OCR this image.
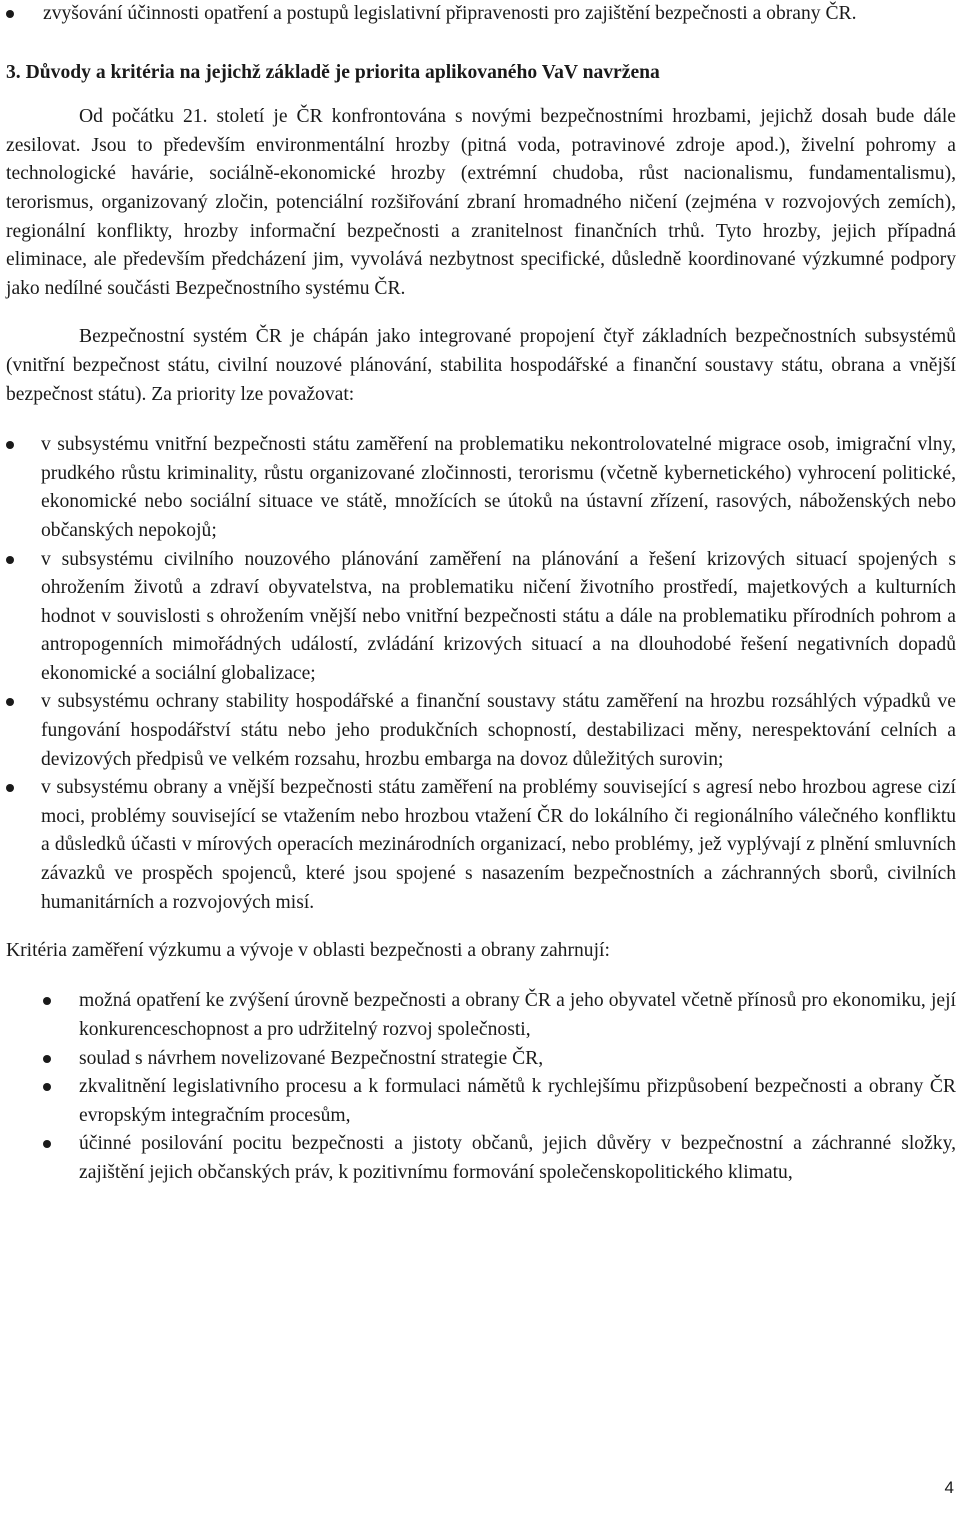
zvyšování účinnosti opatření a postupů legislativní připravenosti pro zajištění bezpečnosti a obrany ČR.
3. Důvody a kritéria na jejichž základě je priorita aplikovaného VaV navržena

Od počátku 21. století je ČR konfrontována s novými bezpečnostními hrozbami, jejichž dosah bude dále zesilovat. Jsou to především environmentální hrozby (pitná voda, potravinové zdroje apod.), živelní pohromy a technologické havárie, sociálně-ekonomické hrozby (extrémní chudoba, růst nacionalismu, fundamentalismu), terorismus, organizovaný zločin, potenciální rozšiřování zbraní hromadného ničení (zejména v rozvojových zemích), regionální konflikty, hrozby informační bezpečnosti a zranitelnost finančních trhů. Tyto hrozby, jejich případná eliminace, ale především předcházení jim, vyvolává nezbytnost specifické, důsledně koordinované výzkumné podpory jako nedílné součásti Bezpečnostního systému ČR.

Bezpečnostní systém ČR je chápán jako integrované propojení čtyř základních bezpečnostních subsystémů (vnitřní bezpečnost státu, civilní nouzové plánování, stabilita hospodářské a finanční soustavy státu, obrana a vnější bezpečnost státu). Za priority lze považovat:

v subsystému vnitřní bezpečnosti státu zaměření na problematiku nekontrolovatelné migrace osob, imigrační vlny, prudkého růstu kriminality, růstu organizované zločinnosti, terorismu (včetně kybernetického) vyhrocení politické, ekonomické nebo sociální situace ve státě, množících se útoků na ústavní zřízení, rasových, náboženských nebo občanských nepokojů;
v subsystému civilního nouzového plánování zaměření na plánování a řešení krizových situací spojených s ohrožením životů a zdraví obyvatelstva, na problematiku ničení životního prostředí, majetkových a kulturních hodnot v souvislosti s ohrožením vnější nebo vnitřní bezpečnosti státu a dále na problematiku přírodních pohrom a antropogenních mimořádných událostí, zvládání krizových situací a na dlouhodobé řešení negativních dopadů ekonomické a sociální globalizace;
v subsystému ochrany stability hospodářské a finanční soustavy státu zaměření na hrozbu rozsáhlých výpadků ve fungování hospodářství státu nebo jeho produkčních schopností, destabilizaci měny, nerespektování celních a devizových předpisů ve velkém rozsahu, hrozbu embarga na dovoz důležitých surovin;
v subsystému obrany a vnější bezpečnosti státu zaměření na problémy související s agresí nebo hrozbou agrese cizí moci, problémy související se vtažením nebo hrozbou vtažení ČR do lokálního či regionálního válečného konfliktu a důsledků účasti v mírových operacích mezinárodních organizací, nebo problémy, jež vyplývají z plnění smluvních závazků ve prospěch spojenců, které jsou spojené s nasazením bezpečnostních a záchranných sborů, civilních humanitárních a rozvojových misí.
Kritéria zaměření výzkumu a vývoje v oblasti bezpečnosti a obrany zahrnují:
možná opatření ke zvýšení úrovně bezpečnosti a obrany ČR a jeho obyvatel včetně přínosů pro ekonomiku, její konkurenceschopnost a pro udržitelný rozvoj společnosti,
soulad s návrhem novelizované Bezpečnostní strategie ČR,
zkvalitnění legislativního procesu a k formulaci námětů k rychlejšímu přizpůsobení bezpečnosti a obrany ČR evropským integračním procesům,
účinné posilování pocitu bezpečnosti a jistoty občanů, jejich důvěry v bezpečnostní a záchranné složky, zajištění jejich občanských práv, k pozitivnímu formování společenskopolitického klimatu,
4
